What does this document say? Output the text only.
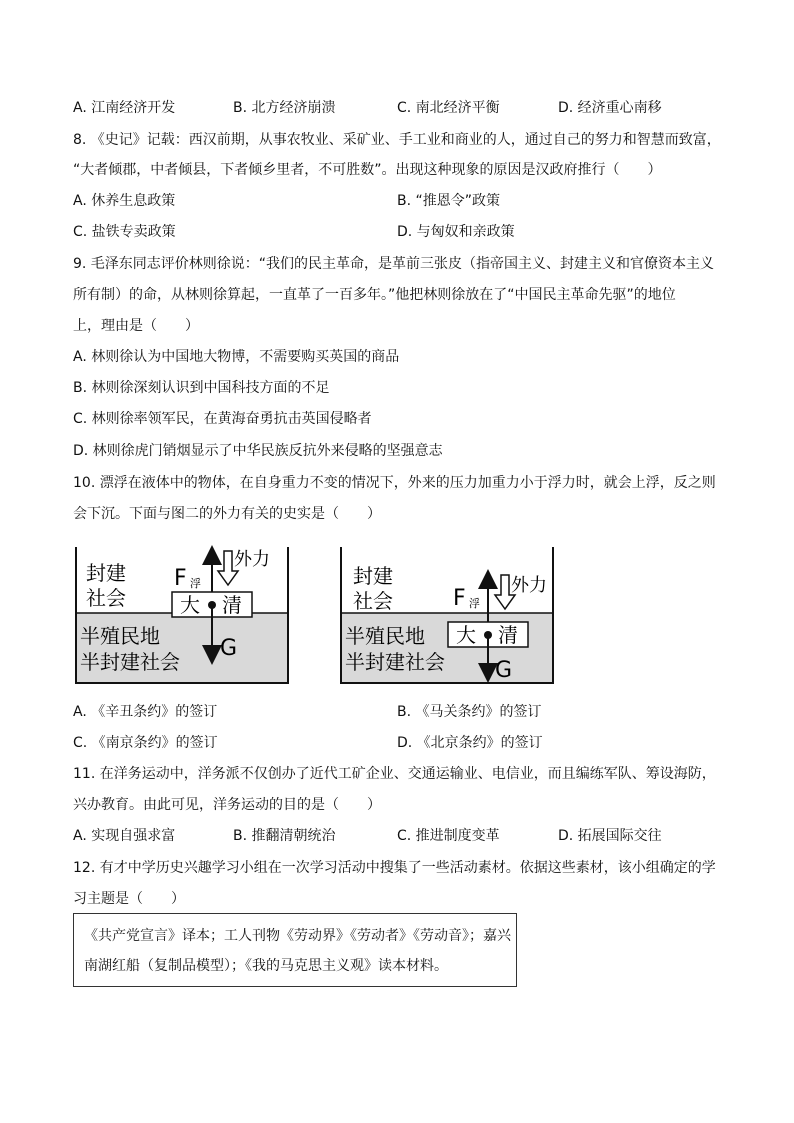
A. 江南经济开发	B. 北方经济崩溃	C. 南北经济平衡	D. 经济重心南移
8. 《史记》记载：西汉前期，从事农牧业、采矿业、手工业和商业的人，通过自己的努力和智慧而致富，
“大者倾郡，中者倾县，下者倾乡里者，不可胜数”。出现这种现象的原因是汉政府推行（　　）
A. 休养生息政策	B. “推恩令”政策
C. 盐铁专卖政策	D. 与匈奴和亲政策
9. 毛泽东同志评价林则徐说：“我们的民主革命，是革前三张皮（指帝国主义、封建主义和官僚资本主义
所有制）的命，从林则徐算起，一直革了一百多年。”他把林则徐放在了“中国民主革命先驱”的地位
上，理由是（　　）
A. 林则徐认为中国地大物博，不需要购买英国的商品
B. 林则徐深刻认识到中国科技方面的不足
C. 林则徐率领军民，在黄海奋勇抗击英国侵略者
D. 林则徐虎门销烟显示了中华民族反抗外来侵略的坚强意志
10. 漂浮在液体中的物体，在自身重力不变的情况下，外来的压力加重力小于浮力时，就会上浮，反之则
会下沉。下面与图二的外力有关的史实是（　　）
封建
社会
半殖民地
半封建社会
F 浮
外力
大 清
G
封建
社会
半殖民地
半封建社会
F 浮
外力
大 清
G
A. 《辛丑条约》的签订	B. 《马关条约》的签订
C. 《南京条约》的签订	D. 《北京条约》的签订
11. 在洋务运动中，洋务派不仅创办了近代工矿企业、交通运输业、电信业，而且编练军队、筹设海防，
兴办教育。由此可见，洋务运动的目的是（　　）
A. 实现自强求富	B. 推翻清朝统治	C. 推进制度变革	D. 拓展国际交往
12. 有才中学历史兴趣学习小组在一次学习活动中搜集了一些活动素材。依据这些素材，该小组确定的学
习主题是（　　）
《共产党宣言》译本；工人刊物《劳动界》《劳动者》《劳动音》；嘉兴
南湖红船（复制品模型）；《我的马克思主义观》读本材料。
